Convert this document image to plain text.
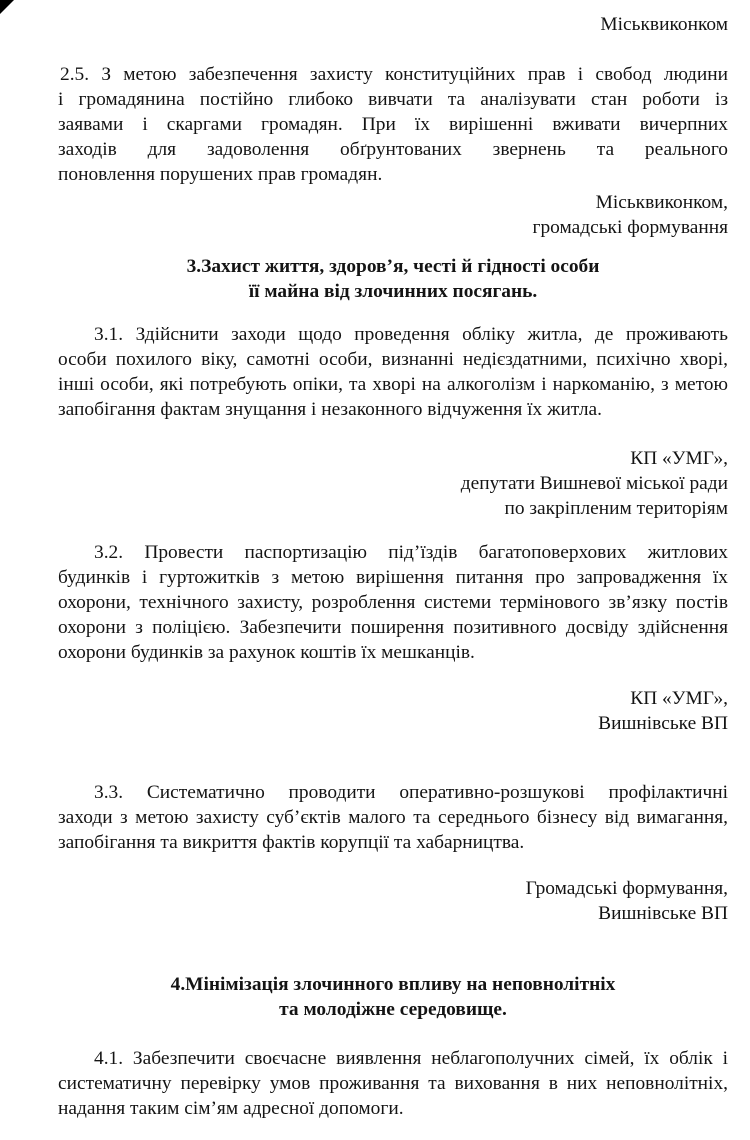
Міськвиконком

2.5. З метою забезпечення захисту конституційних прав і свобод людини

і громадянина постійно глибоко вивчати та аналізувати стан роботи із

заявами і скаргами громадян. При їх вирішенні вживати вичерпних

заходів для задоволення обґрунтованих звернень та реального

поновлення порушених прав громадян.

Міськвиконком,

громадські формування

3.Захист життя, здоров’я, честі й гідності особи

її майна від злочинних посягань.

3.1. Здійснити заходи щодо проведення обліку житла, де проживають

особи похилого віку, самотні особи, визнанні недієздатними, психічно хворі,

інші особи, які потребують опіки, та хворі на алкоголізм і наркоманію, з метою

запобігання фактам знущання і незаконного відчуження їх житла.

КП «УМГ»,

депутати Вишневої міської ради

по закріпленим територіям

3.2. Провести паспортизацію під’їздів багатоповерхових житлових

будинків і гуртожитків з метою вирішення питання про запровадження їх

охорони, технічного захисту, розроблення системи термінового зв’язку постів

охорони з поліцією. Забезпечити поширення позитивного досвіду здійснення

охорони будинків за рахунок коштів їх мешканців.

КП «УМГ»,

Вишнівське ВП

3.3. Систематично проводити оперативно-розшукові профілактичні

заходи з метою захисту суб’єктів малого та середнього бізнесу від вимагання,

запобігання та викриття фактів корупції та хабарництва.

Громадські формування,

Вишнівське ВП

4.Мінімізація злочинного впливу на неповнолітніх

та молодіжне середовище.

4.1. Забезпечити своєчасне виявлення неблагополучних сімей, їх облік і

систематичну перевірку умов проживання та виховання в них неповнолітніх,

надання таким сім’ям адресної допомоги.
